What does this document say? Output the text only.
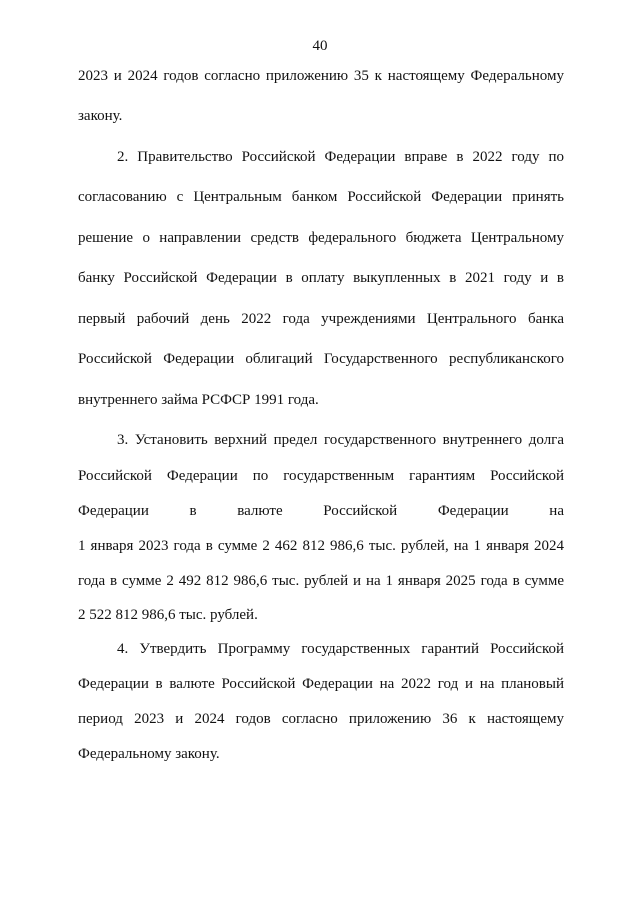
40
2023 и 2024 годов согласно приложению 35 к настоящему Федеральному
закону.
2. Правительство Российской Федерации вправе в 2022 году по
согласованию с Центральным банком Российской Федерации принять
решение о направлении средств федерального бюджета Центральному
банку Российской Федерации в оплату выкупленных в 2021 году и в
первый рабочий день 2022 года учреждениями Центрального банка
Российской Федерации облигаций Государственного республиканского
внутреннего займа РСФСР 1991 года.
3. Установить верхний предел государственного внутреннего долга
Российской Федерации по государственным гарантиям Российской
Федерации в валюте Российской Федерации на
1 января 2023 года в сумме 2 462 812 986,6 тыс. рублей, на 1 января 2024
года в сумме 2 492 812 986,6 тыс. рублей и на 1 января 2025 года в сумме
2 522 812 986,6 тыс. рублей.
4. Утвердить Программу государственных гарантий Российской
Федерации в валюте Российской Федерации на 2022 год и на плановый
период 2023 и 2024 годов согласно приложению 36 к настоящему
Федеральному закону.
